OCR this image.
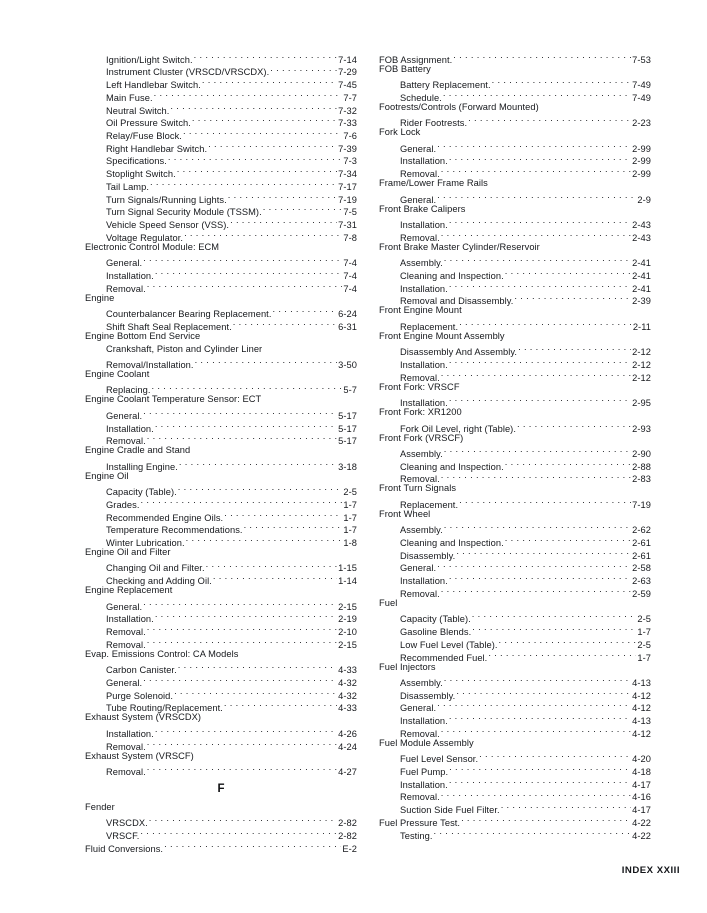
Ignition/Light Switch. . . .	7-14
Instrument Cluster (VRSCD/VRSCDX). . . .	7-29
Left Handlebar Switch. . . .	7-45
Main Fuse. . . .	7-7
Neutral Switch. . . .	7-32
Oil Pressure Switch. . . .	7-33
Relay/Fuse Block. . . .	7-6
Right Handlebar Switch. . . .	7-39
Specifications. . . .	7-3
Stoplight Switch. . . .	7-34
Tail Lamp. . . .	7-17
Turn Signals/Running Lights. . . .	7-19
Turn Signal Security Module (TSSM). . . .	7-5
Vehicle Speed Sensor (VSS). . . .	7-31
Voltage Regulator. . . .	7-8
Electronic Control Module: ECM
General. . . .	7-4
Installation. . . .	7-4
Removal. . . .	7-4
Engine
Counterbalancer Bearing Replacement. . . .	6-24
Shift Shaft Seal Replacement. . . .	6-31
Engine Bottom End Service
Crankshaft, Piston and Cylinder Liner
Removal/Installation. . . .	3-50
Engine Coolant
Replacing. . . .	5-7
Engine Coolant Temperature Sensor: ECT
General. . . .	5-17
Installation. . . .	5-17
Removal. . . .	5-17
Engine Cradle and Stand
Installing Engine. . . .	3-18
Engine Oil
Capacity (Table). . . .	2-5
Grades. . . .	1-7
Recommended Engine Oils. . . .	1-7
Temperature Recommendations. . . .	1-7
Winter Lubrication. . . .	1-8
Engine Oil and Filter
Changing Oil and Filter. . . .	1-15
Checking and Adding Oil. . . .	1-14
Engine Replacement
General. . . .	2-15
Installation. . . .	2-19
Removal. . . .	2-10
Removal. . . .	2-15
Evap. Emissions Control: CA Models
Carbon Canister. . . .	4-33
General. . . .	4-32
Purge Solenoid. . . .	4-32
Tube Routing/Replacement. . . .	4-33
Exhaust System (VRSCDX)
Installation. . . .	4-26
Removal. . . .	4-24
Exhaust System (VRSCF)
Removal. . . .	4-27
F
Fender
VRSCDX. . . .	2-82
VRSCF. . . .	2-82
Fluid Conversions. . . .	E-2
FOB Assignment. . . .	7-53
FOB Battery
Battery Replacement. . . .	7-49
Schedule. . . .	7-49
Footrests/Controls (Forward Mounted)
Rider Footrests. . . .	2-23
Fork Lock
General. . . .	2-99
Installation. . . .	2-99
Removal. . . .	2-99
Frame/Lower Frame Rails
General. . . .	2-9
Front Brake Calipers
Installation. . . .	2-43
Removal. . . .	2-43
Front Brake Master Cylinder/Reservoir
Assembly. . . .	2-41
Cleaning and Inspection. . . .	2-41
Installation. . . .	2-41
Removal and Disassembly. . . .	2-39
Front Engine Mount
Replacement. . . .	2-11
Front Engine Mount Assembly
Disassembly And Assembly. . . .	2-12
Installation. . . .	2-12
Removal. . . .	2-12
Front Fork: VRSCF
Installation. . . .	2-95
Front Fork: XR1200
Fork Oil Level, right (Table). . . .	2-93
Front Fork (VRSCF)
Assembly. . . .	2-90
Cleaning and Inspection. . . .	2-88
Removal. . . .	2-83
Front Turn Signals
Replacement. . . .	7-19
Front Wheel
Assembly. . . .	2-62
Cleaning and Inspection. . . .	2-61
Disassembly. . . .	2-61
General. . . .	2-58
Installation. . . .	2-63
Removal. . . .	2-59
Fuel
Capacity (Table). . . .	2-5
Gasoline Blends. . . .	1-7
Low Fuel Level (Table). . . .	2-5
Recommended Fuel. . . .	1-7
Fuel Injectors
Assembly. . . .	4-13
Disassembly. . . .	4-12
General. . . .	4-12
Installation. . . .	4-13
Removal. . . .	4-12
Fuel Module Assembly
Fuel Level Sensor. . . .	4-20
Fuel Pump. . . .	4-18
Installation. . . .	4-17
Removal. . . .	4-16
Suction Side Fuel Filter. . . .	4-17
Fuel Pressure Test. . . .	4-22
Testing. . . .	4-22
INDEX XXIII
